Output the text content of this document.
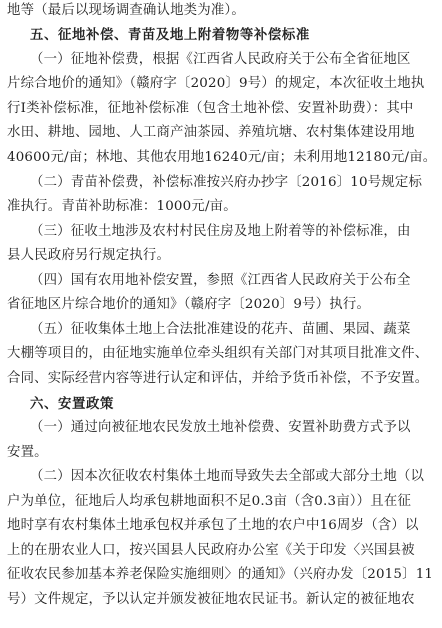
地等（最后以现场调查确认地类为准）。
五、征地补偿、青苗及地上附着物等补偿标准
（一）征地补偿费，根据《江西省人民政府关于公布全省征地区
片综合地价的通知》（赣府字〔2020〕9号）的规定，本次征收土地执
行Ⅰ类补偿标准，征地补偿标准（包含土地补偿、安置补助费）：其中
水田、耕地、园地、人工商产油茶园、养殖坑塘、农村集体建设用地
40600元/亩；林地、其他农用地16240元/亩；未利用地12180元/亩。
（二）青苗补偿费，补偿标准按兴府办抄字〔2016〕10号规定标
准执行。青苗补助标准：1000元/亩。
（三）征收土地涉及农村村民住房及地上附着等的补偿标准，由
县人民政府另行规定执行。
（四）国有农用地补偿安置，参照《江西省人民政府关于公布全
省征地区片综合地价的通知》（赣府字〔2020〕9号）执行。
（五）征收集体土地上合法批准建设的花卉、苗圃、果园、蔬菜
大棚等项目的，由征地实施单位牵头组织有关部门对其项目批准文件、
合同、实际经营内容等进行认定和评估，并给予货币补偿，不予安置。
六、安置政策
（一）通过向被征地农民发放土地补偿费、安置补助费方式予以
安置。
（二）因本次征收农村集体土地而导致失去全部或大部分土地（以
户为单位，征地后人均承包耕地面积不足0.3亩（含0.3亩））且在征
地时享有农村集体土地承包权并承包了土地的农户中16周岁（含）以
上的在册农业人口，按兴国县人民政府办公室《关于印发〈兴国县被
征收农民参加基本养老保险实施细则〉的通知》（兴府办发〔2015〕11
号）文件规定，予以认定并颁发被征地农民证书。新认定的被征地农
